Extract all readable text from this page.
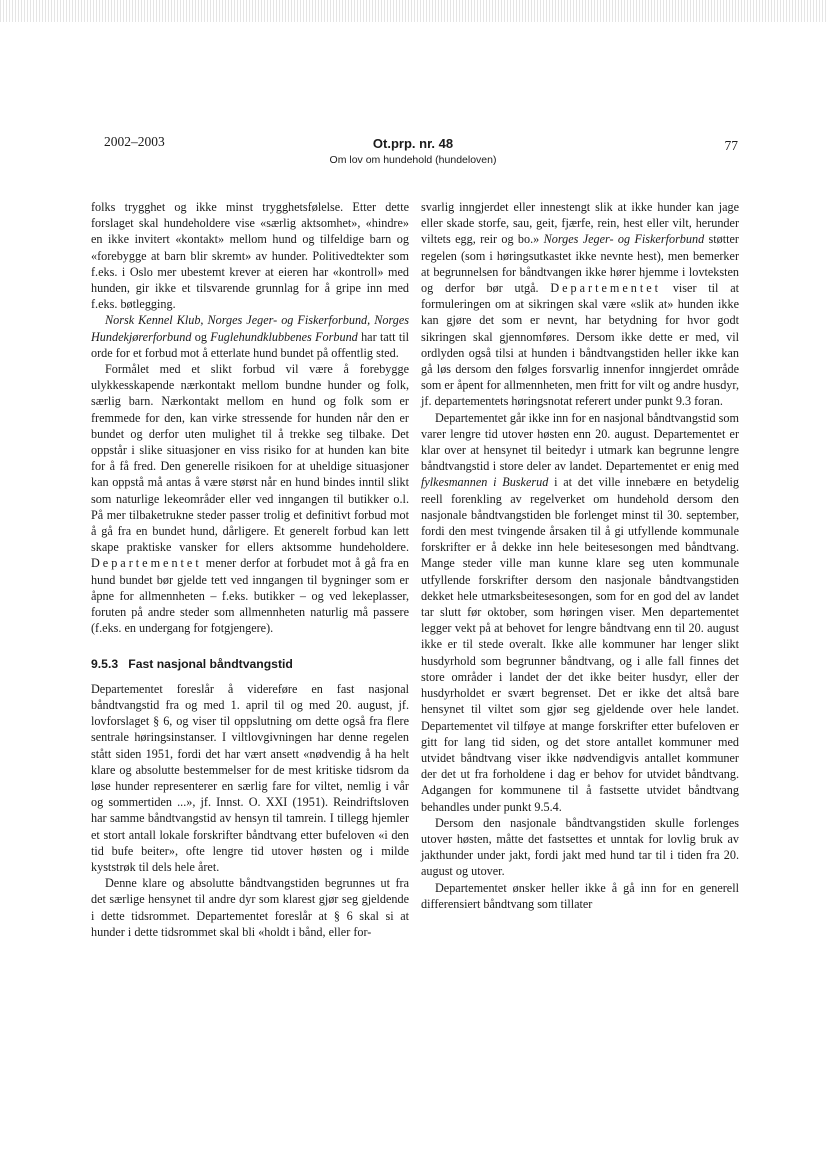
2002–2003	Ot.prp. nr. 48
Om lov om hundehold (hundeloven)
77

folks trygghet og ikke minst trygghetsfølelse. Etter dette forslaget skal hundeholdere vise «særlig aktsomhet», «hindre» en ikke invitert «kontakt» mellom hund og tilfeldige barn og «forebygge at barn blir skremt» av hunder. Politivedtekter som f.eks. i Oslo mer ubestemt krever at eieren har «kontroll» med hunden, gir ikke et tilsvarende grunnlag for å gripe inn med f.eks. bøtlegging.

Norsk Kennel Klub, Norges Jeger- og Fiskerforbund, Norges Hundekjørerforbund og Fuglehundklubbenes Forbund har tatt til orde for et forbud mot å etterlate hund bundet på offentlig sted.

Formålet med et slikt forbud vil være å forebygge ulykkesskapende nærkontakt mellom bundne hunder og folk, særlig barn. Nærkontakt mellom en hund og folk som er fremmede for den, kan virke stressende for hunden når den er bundet og derfor uten mulighet til å trekke seg tilbake. Det oppstår i slike situasjoner en viss risiko for at hunden kan bite for å få fred. Den generelle risikoen for at uheldige situasjoner kan oppstå må antas å være størst når en hund bindes inntil slikt som naturlige lekeområder eller ved inngangen til butikker o.l. På mer tilbaketrukne steder passer trolig et definitivt forbud mot å gå fra en bundet hund, dårligere. Et generelt forbud kan lett skape praktiske vansker for ellers aktsomme hundeholdere. Departementet mener derfor at forbudet mot å gå fra en hund bundet bør gjelde tett ved inngangen til bygninger som er åpne for allmennheten – f.eks. butikker – og ved lekeplasser, foruten på andre steder som allmennheten naturlig må passere (f.eks. en undergang for fotgjengere).

9.5.3 Fast nasjonal båndtvangstid

Departementet foreslår å videreføre en fast nasjonal båndtvangstid fra og med 1. april til og med 20. august, jf. lovforslaget § 6, og viser til oppslutning om dette også fra flere sentrale høringsinstanser. I viltlovgivningen har denne regelen stått siden 1951, fordi det har vært ansett «nødvendig å ha helt klare og absolutte bestemmelser for de mest kritiske tidsrom da løse hunder representerer en særlig fare for viltet, nemlig i vår og sommertiden ...», jf. Innst. O. XXI (1951). Reindriftsloven har samme båndtvangstid av hensyn til tamrein. I tillegg hjemler et stort antall lokale forskrifter båndtvang etter bufeloven «i den tid bufe beiter», ofte lengre tid utover høsten og i milde kyststrøk til dels hele året.

Denne klare og absolutte båndtvangstiden begrunnes ut fra det særlige hensynet til andre dyr som klarest gjør seg gjeldende i dette tidsrommet. Departementet foreslår at § 6 skal si at hunder i dette tidsrommet skal bli «holdt i bånd, eller for-

svarlig inngjerdet eller innestengt slik at ikke hunder kan jage eller skade storfe, sau, geit, fjærfe, rein, hest eller vilt, herunder viltets egg, reir og bo.» Norges Jeger- og Fiskerforbund støtter regelen (som i høringsutkastet ikke nevnte hest), men bemerker at begrunnelsen for båndtvangen ikke hører hjemme i lovteksten og derfor bør utgå. Departementet viser til at formuleringen om at sikringen skal være «slik at» hunden ikke kan gjøre det som er nevnt, har betydning for hvor godt sikringen skal gjennomføres. Dersom ikke dette er med, vil ordlyden også tilsi at hunden i båndtvangstiden heller ikke kan gå løs dersom den følges forsvarlig innenfor inngjerdet område som er åpent for allmennheten, men fritt for vilt og andre husdyr, jf. departementets høringsnotat referert under punkt 9.3 foran.

Departementet går ikke inn for en nasjonal båndtvangstid som varer lengre tid utover høsten enn 20. august. Departementet er klar over at hensynet til beitedyr i utmark kan begrunne lengre båndtvangstid i store deler av landet. Departementet er enig med fylkesmannen i Buskerud i at det ville innebære en betydelig reell forenkling av regelverket om hundehold dersom den nasjonale båndtvangstiden ble forlenget minst til 30. september, fordi den mest tvingende årsaken til å gi utfyllende kommunale forskrifter er å dekke inn hele beitesesongen med båndtvang. Mange steder ville man kunne klare seg uten kommunale utfyllende forskrifter dersom den nasjonale båndtvangstiden dekket hele utmarksbeitesesongen, som for en god del av landet tar slutt før oktober, som høringen viser. Men departementet legger vekt på at behovet for lengre båndtvang enn til 20. august ikke er til stede overalt. Ikke alle kommuner har lenger slikt husdyrhold som begrunner båndtvang, og i alle fall finnes det store områder i landet der det ikke beiter husdyr, eller der husdyrholdet er svært begrenset. Det er ikke det altså bare hensynet til viltet som gjør seg gjeldende over hele landet. Departementet vil tilføye at mange forskrifter etter bufeloven er gitt for lang tid siden, og det store antallet kommuner med utvidet båndtvang viser ikke nødvendigvis antallet kommuner der det ut fra forholdene i dag er behov for utvidet båndtvang. Adgangen for kommunene til å fastsette utvidet båndtvang behandles under punkt 9.5.4.

Dersom den nasjonale båndtvangstiden skulle forlenges utover høsten, måtte det fastsettes et unntak for lovlig bruk av jakthunder under jakt, fordi jakt med hund tar til i tiden fra 20. august og utover.

Departementet ønsker heller ikke å gå inn for en generell differensiert båndtvang som tillater
